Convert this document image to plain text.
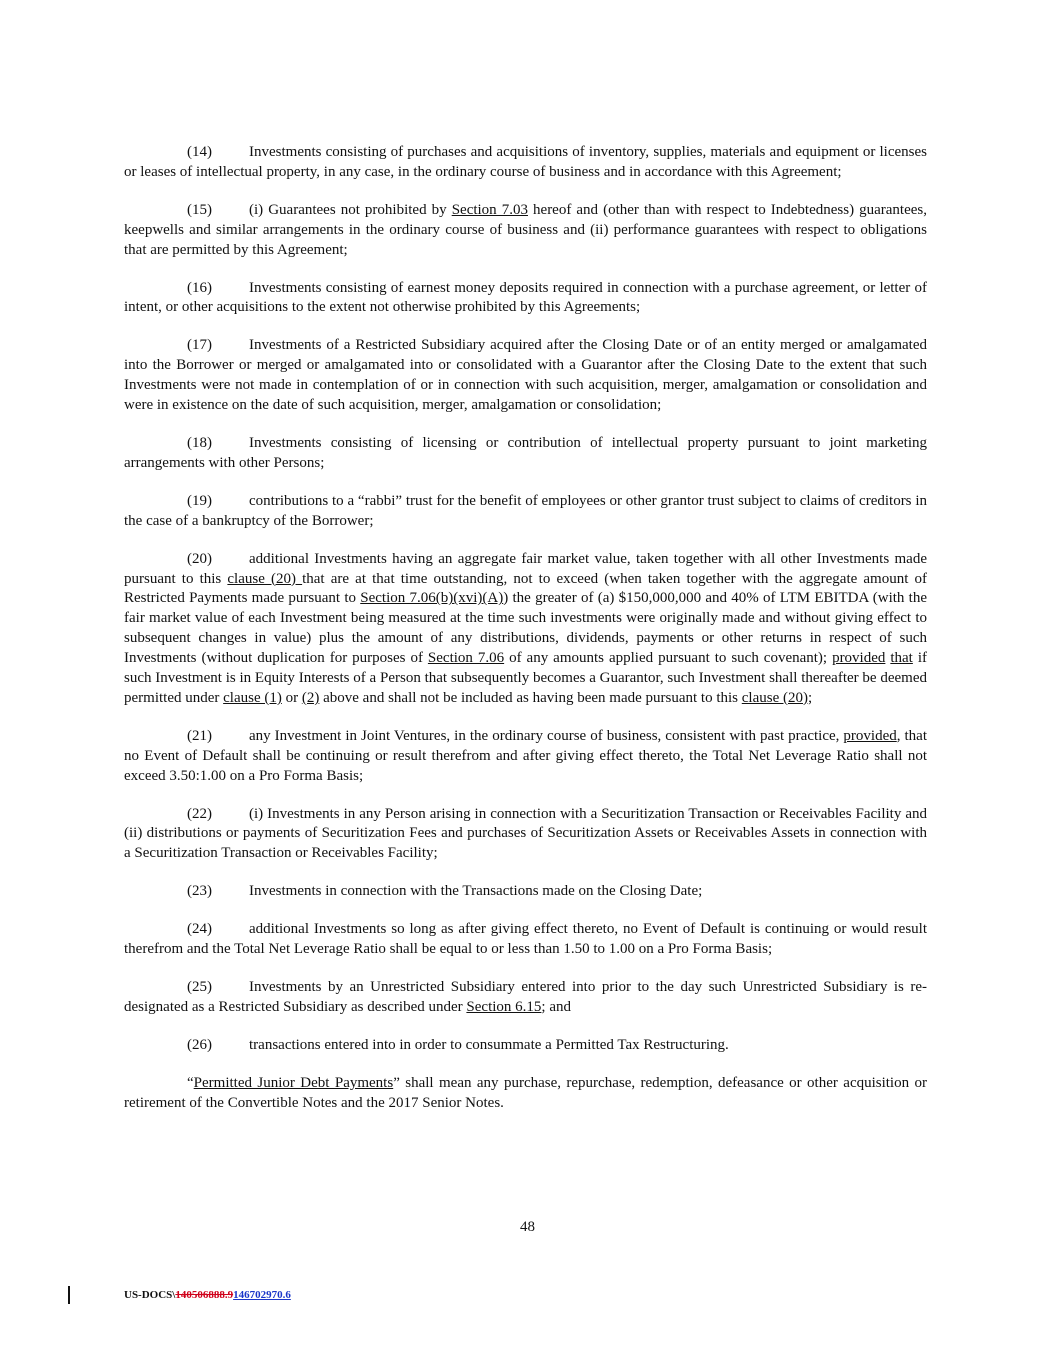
(14) Investments consisting of purchases and acquisitions of inventory, supplies, materials and equipment or licenses or leases of intellectual property, in any case, in the ordinary course of business and in accordance with this Agreement;

(15) (i) Guarantees not prohibited by Section 7.03 hereof and (other than with respect to Indebtedness) guarantees, keepwells and similar arrangements in the ordinary course of business and (ii) performance guarantees with respect to obligations that are permitted by this Agreement;

(16) Investments consisting of earnest money deposits required in connection with a purchase agreement, or letter of intent, or other acquisitions to the extent not otherwise prohibited by this Agreements;

(17) Investments of a Restricted Subsidiary acquired after the Closing Date or of an entity merged or amalgamated into the Borrower or merged or amalgamated into or consolidated with a Guarantor after the Closing Date to the extent that such Investments were not made in contemplation of or in connection with such acquisition, merger, amalgamation or consolidation and were in existence on the date of such acquisition, merger, amalgamation or consolidation;

(18) Investments consisting of licensing or contribution of intellectual property pursuant to joint marketing arrangements with other Persons;

(19) contributions to a “rabbi” trust for the benefit of employees or other grantor trust subject to claims of creditors in the case of a bankruptcy of the Borrower;

(20) additional Investments having an aggregate fair market value, taken together with all other Investments made pursuant to this clause (20) that are at that time outstanding, not to exceed (when taken together with the aggregate amount of Restricted Payments made pursuant to Section 7.06(b)(xvi)(A)) the greater of (a) $150,000,000 and 40% of LTM EBITDA (with the fair market value of each Investment being measured at the time such investments were originally made and without giving effect to subsequent changes in value) plus the amount of any distributions, dividends, payments or other returns in respect of such Investments (without duplication for purposes of Section 7.06 of any amounts applied pursuant to such covenant); provided that if such Investment is in Equity Interests of a Person that subsequently becomes a Guarantor, such Investment shall thereafter be deemed permitted under clause (1) or (2) above and shall not be included as having been made pursuant to this clause (20);

(21) any Investment in Joint Ventures, in the ordinary course of business, consistent with past practice, provided, that no Event of Default shall be continuing or result therefrom and after giving effect thereto, the Total Net Leverage Ratio shall not exceed 3.50:1.00 on a Pro Forma Basis;

(22) (i) Investments in any Person arising in connection with a Securitization Transaction or Receivables Facility and (ii) distributions or payments of Securitization Fees and purchases of Securitization Assets or Receivables Assets in connection with a Securitization Transaction or Receivables Facility;

(23) Investments in connection with the Transactions made on the Closing Date;

(24) additional Investments so long as after giving effect thereto, no Event of Default is continuing or would result therefrom and the Total Net Leverage Ratio shall be equal to or less than 1.50 to 1.00 on a Pro Forma Basis;

(25) Investments by an Unrestricted Subsidiary entered into prior to the day such Unrestricted Subsidiary is re-designated as a Restricted Subsidiary as described under Section 6.15; and

(26) transactions entered into in order to consummate a Permitted Tax Restructuring.

“Permitted Junior Debt Payments” shall mean any purchase, repurchase, redemption, defeasance or other acquisition or retirement of the Convertible Notes and the 2017 Senior Notes.

48
US-DOCS\140506888.9146702970.6
